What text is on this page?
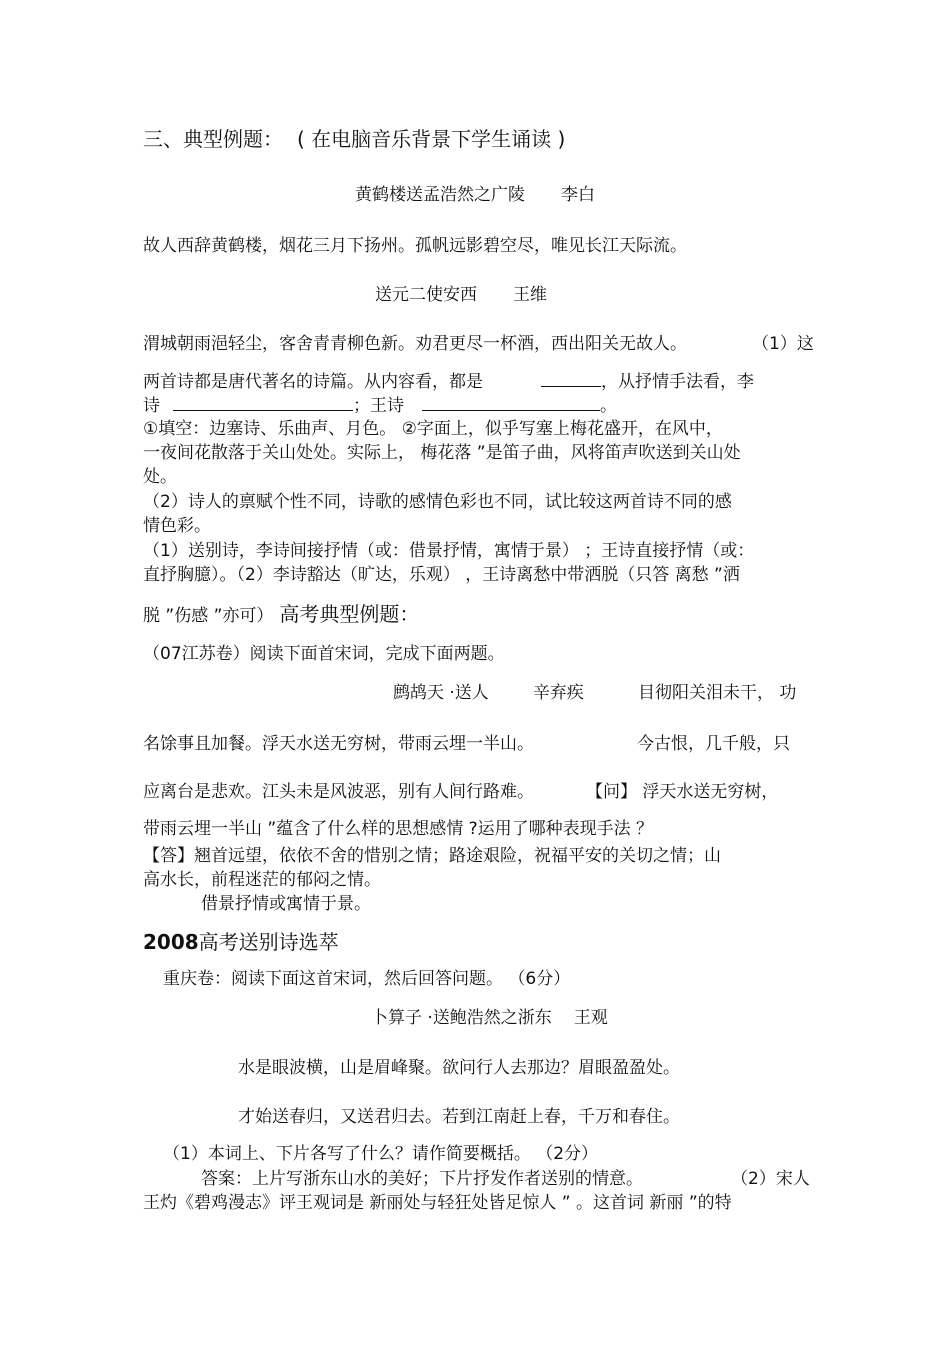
三、典型例题： ( 在电脑音乐背景下学生诵读 )
黄鹤楼送孟浩然之广陵 李白
故人西辞黄鹤楼，烟花三月下扬州。孤帆远影碧空尽，唯见长江天际流。
送元二使安西 王维
渭城朝雨浥轻尘，客舍青青柳色新。劝君更尽一杯酒，西出阳关无故人。	（1）这
两首诗都是唐代著名的诗篇。从内容看，都是	，从抒情手法看，李
诗	；王诗	。
①填空：边塞诗、乐曲声、月色。 ②字面上，似乎写塞上梅花盛开，在风中，
一夜间花散落于关山处处。实际上， 梅花落 ”是笛子曲，风将笛声吹送到关山处
处。
（2）诗人的禀赋个性不同，诗歌的感情色彩也不同，试比较这两首诗不同的感
情色彩。
（1）送别诗，李诗间接抒情（或：借景抒情，寓情于景） ；王诗直接抒情（或：
直抒胸臆）。（2）李诗豁达（旷达，乐观） ，王诗离愁中带洒脱（只答 离愁 ”洒
脱 ”伤感 ”亦可） 高考典型例题：
（07江苏卷）阅读下面首宋词，完成下面两题。
鹧鸪天 ·送人	辛弃疾	目彻阳关泪未干， 功
名馀事且加餐。浮天水送无穷树，带雨云埋一半山。	今古恨，几千般，只
应离台是悲欢。江头未是风波恶，别有人间行路难。	【问】 浮天水送无穷树，
带雨云埋一半山 ”蕴含了什么样的思想感情 ?运用了哪种表现手法 ？
【答】翘首远望，依依不舍的惜别之情；路途艰险，祝福平安的关切之情；山
高水长，前程迷茫的郁闷之情。
借景抒情或寓情于景。
2008高考送别诗选萃
重庆卷：阅读下面这首宋词，然后回答问题。 （6分）
卜算子 ·送鲍浩然之浙东 王观
水是眼波横，山是眉峰聚。欲问行人去那边？眉眼盈盈处。
才始送春归，又送君归去。若到江南赶上春，千万和春住。
（1）本词上、下片各写了什么？请作简要概括。 （2分）
答案：上片写浙东山水的美好；下片抒发作者送别的情意。	（2）宋人
王灼《碧鸡漫志》评王观词是 新丽处与轻狂处皆足惊人 ” 。这首词 新丽 ”的特
